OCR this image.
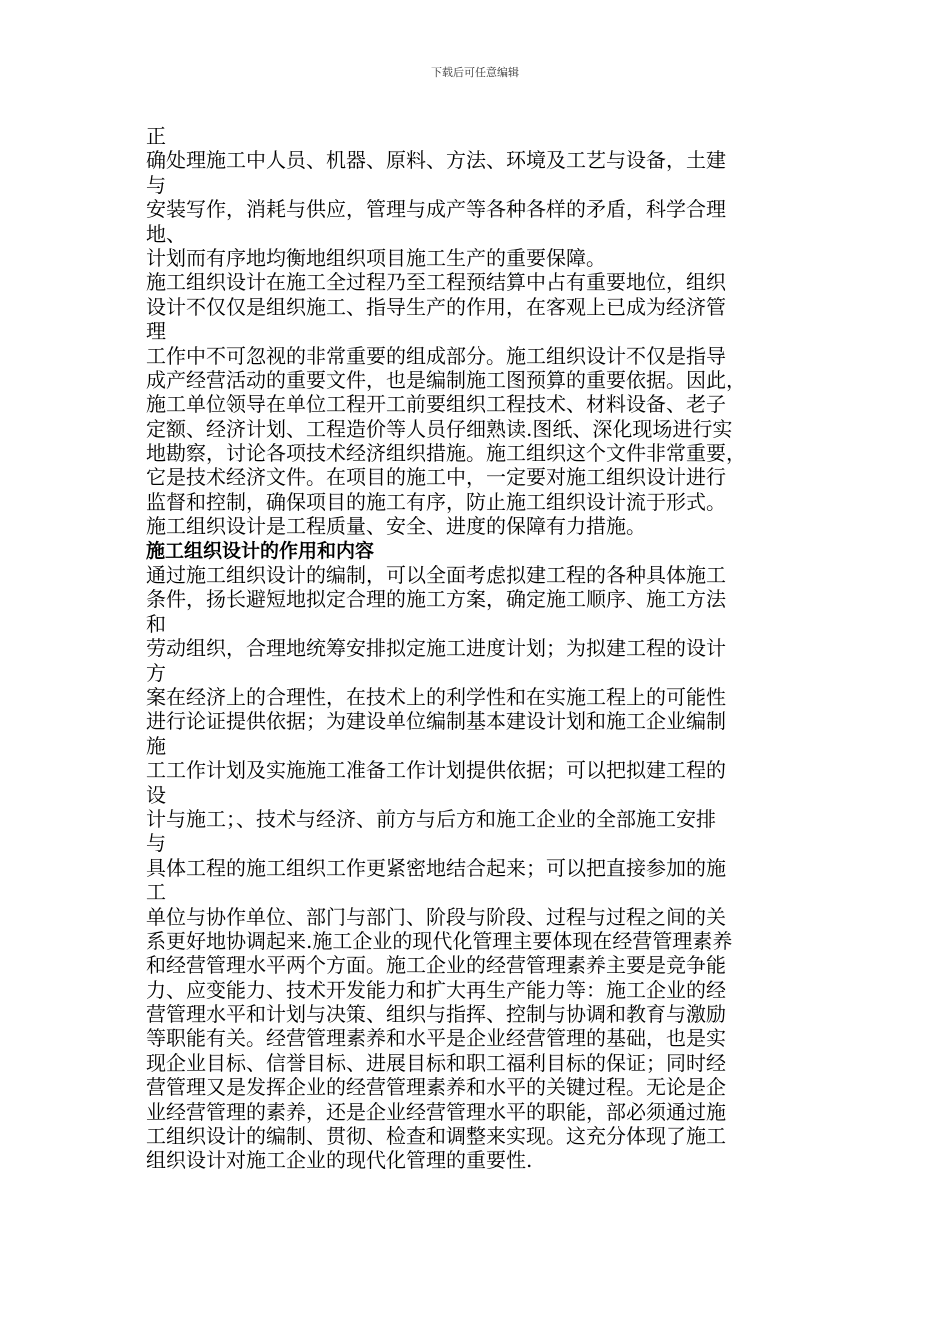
下载后可任意编辑
正
确处理施工中人员、机器、原料、方法、环境及工艺与设备，土建
与
安装写作，消耗与供应，管理与成产等各种各样的矛盾，科学合理
地、
计划而有序地均衡地组织项目施工生产的重要保障。
施工组织设计在施工全过程乃至工程预结算中占有重要地位，组织
设计不仅仅是组织施工、指导生产的作用，在客观上已成为经济管
理
工作中不可忽视的非常重要的组成部分。施工组织设计不仅是指导
成产经营活动的重要文件，也是编制施工图预算的重要依据。因此，
施工单位领导在单位工程开工前要组织工程技术、材料设备、老子
定额、经济计划、工程造价等人员仔细熟读.图纸、深化现场进行实
地勘察，讨论各项技术经济组织措施。施工组织这个文件非常重要，
它是技术经济文件。在项目的施工中，一定要对施工组织设计进行
监督和控制，确保项目的施工有序，防止施工组织设计流于形式。
施工组织设计是工程质量、安全、进度的保障有力措施。
施工组织设计的作用和内容
通过施工组织设计的编制，可以全面考虑拟建工程的各种具体施工
条件，扬长避短地拟定合理的施工方案，确定施工顺序、施工方法
和
劳动组织，合理地统筹安排拟定施工进度计划；为拟建工程的设计
方
案在经济上的合理性，在技术上的利学性和在实施工程上的可能性
进行论证提供依据；为建设单位编制基本建设计划和施工企业编制
施
工工作计划及实施施工准备工作计划提供依据；可以把拟建工程的
设
计与施工；、技术与经济、前方与后方和施工企业的全部施工安排
与
具体工程的施工组织工作更紧密地结合起来；可以把直接参加的施
工
单位与协作单位、部门与部门、阶段与阶段、过程与过程之间的关
系更好地协调起来.施工企业的现代化管理主要体现在经营管理素养
和经营管理水平两个方面。施工企业的经营管理素养主要是竞争能
力、应变能力、技术开发能力和扩大再生产能力等：施工企业的经
营管理水平和计划与决策、组织与指挥、控制与协调和教育与激励
等职能有关。经营管理素养和水平是企业经营管理的基础，也是实
现企业目标、信誉目标、进展目标和职工福利目标的保证；同时经
营管理又是发挥企业的经营管理素养和水平的关键过程。无论是企
业经营管理的素养，还是企业经营管理水平的职能，部必须通过施
工组织设计的编制、贯彻、检查和调整来实现。这充分体现了施工
组织设计对施工企业的现代化管理的重要性.
